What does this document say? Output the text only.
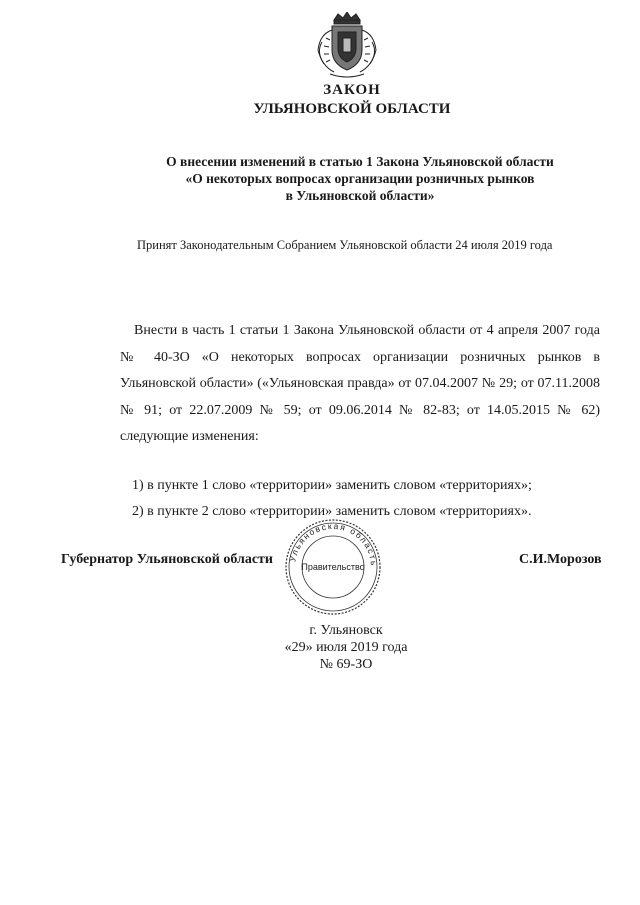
ЗАКОН
УЛЬЯНОВСКОЙ ОБЛАСТИ
О внесении изменений в статью 1 Закона Ульяновской области
«О некоторых вопросах организации розничных рынков
в Ульяновской области»
Принят Законодательным Собранием Ульяновской области 24 июля 2019 года

Внести в часть 1 статьи 1 Закона Ульяновской области от 4 апреля 2007 года № 40-ЗО «О некоторых вопросах организации розничных рынков в Ульяновской области» («Ульяновская правда» от 07.04.2007 № 29; от 07.11.2008 № 91; от 22.07.2009 № 59; от 09.06.2014 № 82-83; от 14.05.2015 № 62) следующие изменения:

1) в пункте 1 слово «территории» заменить словом «территориях»;
2) в пункте 2 слово «территории» заменить словом «территориях».
Губернатор Ульяновской области	С.И.Морозов
Ульяновская область
Правительство
г. Ульяновск
«29» июля 2019 года
№ 69-ЗО
